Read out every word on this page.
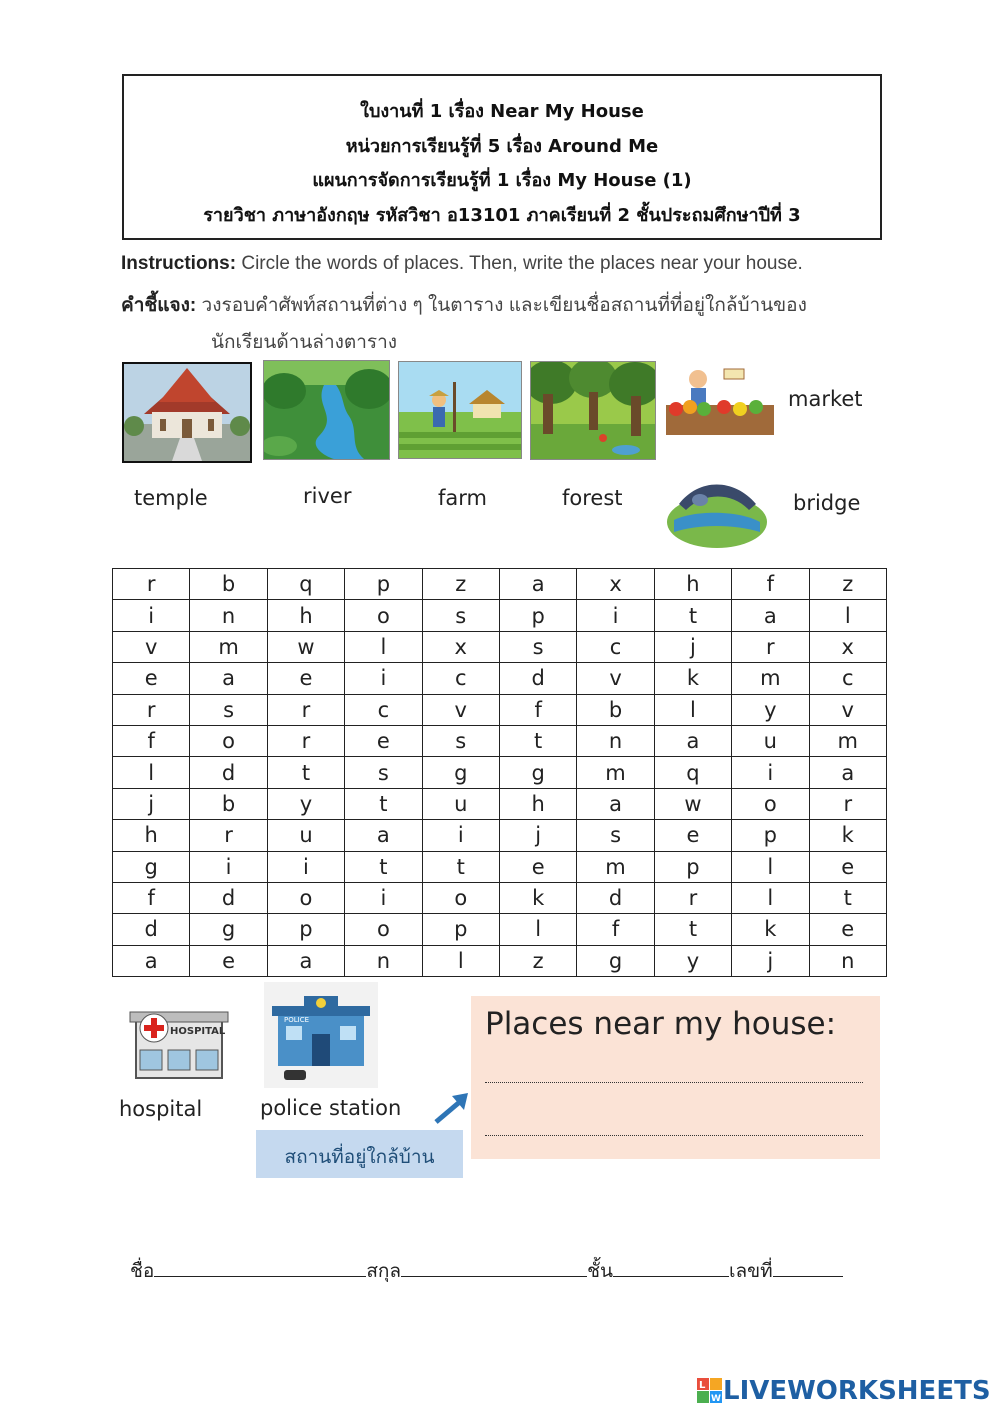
ใบงานที่ 1 เรื่อง Near My House
หน่วยการเรียนรู้ที่ 5 เรื่อง Around Me
แผนการจัดการเรียนรู้ที่ 1 เรื่อง My House (1)
รายวิชา ภาษาอังกฤษ รหัสวิชา อ13101 ภาคเรียนที่ 2 ชั้นประถมศึกษาปีที่ 3
Instructions: Circle the words of places. Then, write the places near your house.
คำชี้แจง: วงรอบคำศัพท์สถานที่ต่าง ๆ ในตาราง และเขียนชื่อสถานที่ที่อยู่ใกล้บ้านของ
นักเรียนด้านล่างตาราง
market
temple	river	farm	forest	bridge
r	b	q	p	z	a	x	h	f	z
i	n	h	o	s	p	i	t	a	l
v	m	w	l	x	s	c	j	r	x
e	a	e	i	c	d	v	k	m	c
r	s	r	c	v	f	b	l	y	v
f	o	r	e	s	t	n	a	u	m
l	d	t	s	g	g	m	q	i	a
j	b	y	t	u	h	a	w	o	r
h	r	u	a	i	j	s	e	p	k
g	i	i	t	t	e	m	p	l	e
f	d	o	i	o	k	d	r	l	t
d	g	p	o	p	l	f	t	k	e
a	e	a	n	l	z	g	y	j	n
HOSPITAL
hospital
POLICE
police station
Places near my house:
สถานที่อยู่ใกล้บ้าน
ชื่อ	สกุล	ชั้น	เลขที่
L
W LIVEWORKSHEETS
